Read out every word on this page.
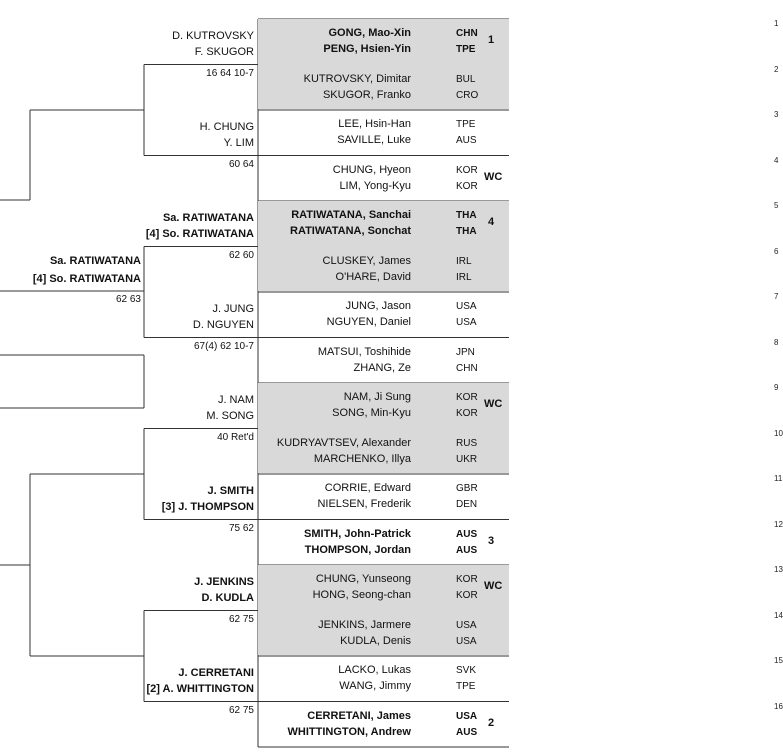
GONG, Mao-Xin	CHN
PENG, Hsien-Yin	TPE
1
1
KUTROVSKY, Dimitar	BUL
SKUGOR, Franko	CRO
2
LEE, Hsin-Han	TPE
SAVILLE, Luke	AUS
3
CHUNG, Hyeon	KOR
LIM, Yong-Kyu	KOR
WC
4
RATIWATANA, Sanchai	THA
RATIWATANA, Sonchat	THA
4
5
CLUSKEY, James	IRL
O'HARE, David	IRL
6
JUNG, Jason	USA
NGUYEN, Daniel	USA
7
MATSUI, Toshihide	JPN
ZHANG, Ze	CHN
8
NAM, Ji Sung	KOR
SONG, Min-Kyu	KOR
WC
9
KUDRYAVTSEV, Alexander	RUS
MARCHENKO, Illya	UKR
10
CORRIE, Edward	GBR
NIELSEN, Frederik	DEN
11
SMITH, John-Patrick	AUS
THOMPSON, Jordan	AUS
3
12
CHUNG, Yunseong	KOR
HONG, Seong-chan	KOR
WC
13
JENKINS, Jarmere	USA
KUDLA, Denis	USA
14
LACKO, Lukas	SVK
WANG, Jimmy	TPE
15
CERRETANI, James	USA
WHITTINGTON, Andrew	AUS
2
16
D. KUTROVSKY
F. SKUGOR
16 64 10-7
H. CHUNG
Y. LIM
60 64
Sa. RATIWATANA
[4] So. RATIWATANA
62 60
J. JUNG
D. NGUYEN
67(4) 62 10-7
J. NAM
M. SONG
40 Ret'd
J. SMITH
[3] J. THOMPSON
75 62
J. JENKINS
D. KUDLA
62 75
J. CERRETANI
[2] A. WHITTINGTON
62 75
Sa. RATIWATANA
[4] So. RATIWATANA
62 63
